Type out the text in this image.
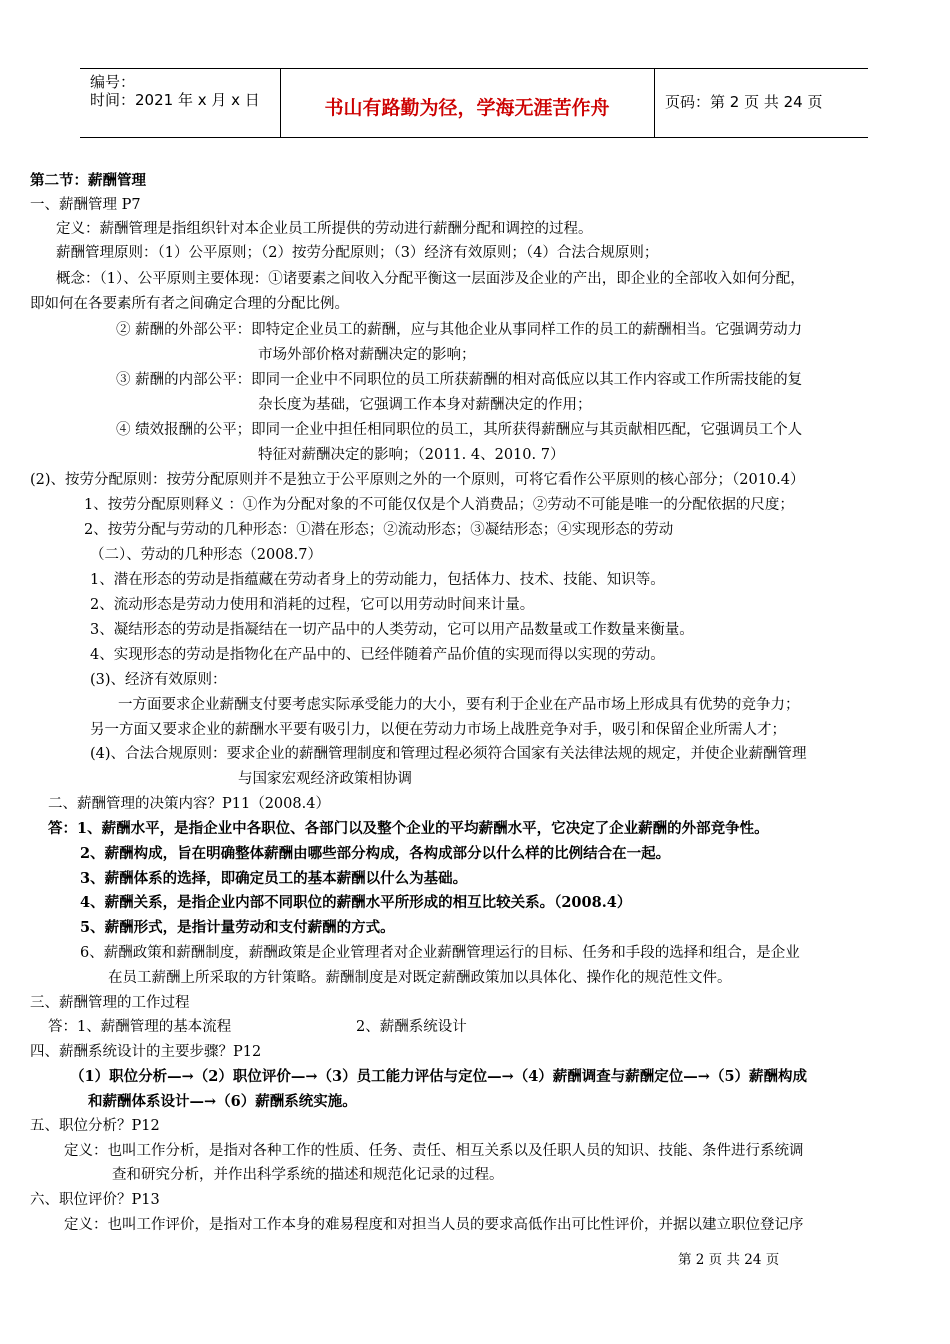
编号：
时间：2021 年 x 月 x 日	书山有路勤为径，学海无涯苦作舟	页码：第 2 页 共 24 页
第二节：薪酬管理
一、薪酬管理 P7
定义：薪酬管理是指组织针对本企业员工所提供的劳动进行薪酬分配和调控的过程。
薪酬管理原则：（1）公平原则；（2）按劳分配原则；（3）经济有效原则；（4）合法合规原则；
概念：（1）、公平原则主要体现：①诸要素之间收入分配平衡这一层面涉及企业的产出，即企业的全部收入如何分配，
即如何在各要素所有者之间确定合理的分配比例。
② 薪酬的外部公平：即特定企业员工的薪酬，应与其他企业从事同样工作的员工的薪酬相当。它强调劳动力
市场外部价格对薪酬决定的影响；
③ 薪酬的内部公平：即同一企业中不同职位的员工所获薪酬的相对高低应以其工作内容或工作所需技能的复
杂长度为基础，它强调工作本身对薪酬决定的作用；
④ 绩效报酬的公平；即同一企业中担任相同职位的员工，其所获得薪酬应与其贡献相匹配，它强调员工个人
特征对薪酬决定的影响；（2011. 4、2010. 7）
(2)、按劳分配原则：按劳分配原则并不是独立于公平原则之外的一个原则，可将它看作公平原则的核心部分；（2010.4）
1、按劳分配原则释义 ：①作为分配对象的不可能仅仅是个人消费品；②劳动不可能是唯一的分配依据的尺度；
2、按劳分配与劳动的几种形态：①潜在形态；②流动形态；③凝结形态；④实现形态的劳动
（二）、劳动的几种形态（2008.7）
1、潜在形态的劳动是指蕴藏在劳动者身上的劳动能力，包括体力、技术、技能、知识等。
2、流动形态是劳动力使用和消耗的过程，它可以用劳动时间来计量。
3、凝结形态的劳动是指凝结在一切产品中的人类劳动，它可以用产品数量或工作数量来衡量。
4、实现形态的劳动是指物化在产品中的、已经伴随着产品价值的实现而得以实现的劳动。
(3)、经济有效原则：
一方面要求企业薪酬支付要考虑实际承受能力的大小，要有利于企业在产品市场上形成具有优势的竞争力；
另一方面又要求企业的薪酬水平要有吸引力，以便在劳动力市场上战胜竞争对手，吸引和保留企业所需人才；
(4)、合法合规原则：要求企业的薪酬管理制度和管理过程必须符合国家有关法律法规的规定，并使企业薪酬管理
与国家宏观经济政策相协调
二、薪酬管理的决策内容？P11（2008.4）
答：1、薪酬水平，是指企业中各职位、各部门以及整个企业的平均薪酬水平，它决定了企业薪酬的外部竞争性。
2、薪酬构成，旨在明确整体薪酬由哪些部分构成，各构成部分以什么样的比例结合在一起。
3、薪酬体系的选择，即确定员工的基本薪酬以什么为基础。
4、薪酬关系，是指企业内部不同职位的薪酬水平所形成的相互比较关系。（2008.4）
5、薪酬形式，是指计量劳动和支付薪酬的方式。
6、薪酬政策和薪酬制度，薪酬政策是企业管理者对企业薪酬管理运行的目标、任务和手段的选择和组合，是企业
在员工薪酬上所采取的方针策略。薪酬制度是对既定薪酬政策加以具体化、操作化的规范性文件。
三、薪酬管理的工作过程
答：1、薪酬管理的基本流程	2、薪酬系统设计
四、薪酬系统设计的主要步骤？P12
（1）职位分析—→（2）职位评价—→（3）员工能力评估与定位—→（4）薪酬调查与薪酬定位—→（5）薪酬构成
和薪酬体系设计—→（6）薪酬系统实施。
五、职位分析？P12
定义：也叫工作分析，是指对各种工作的性质、任务、责任、相互关系以及任职人员的知识、技能、条件进行系统调
查和研究分析，并作出科学系统的描述和规范化记录的过程。
六、职位评价？P13
定义：也叫工作评价，是指对工作本身的难易程度和对担当人员的要求高低作出可比性评价，并据以建立职位登记序
第 2 页 共 24 页
